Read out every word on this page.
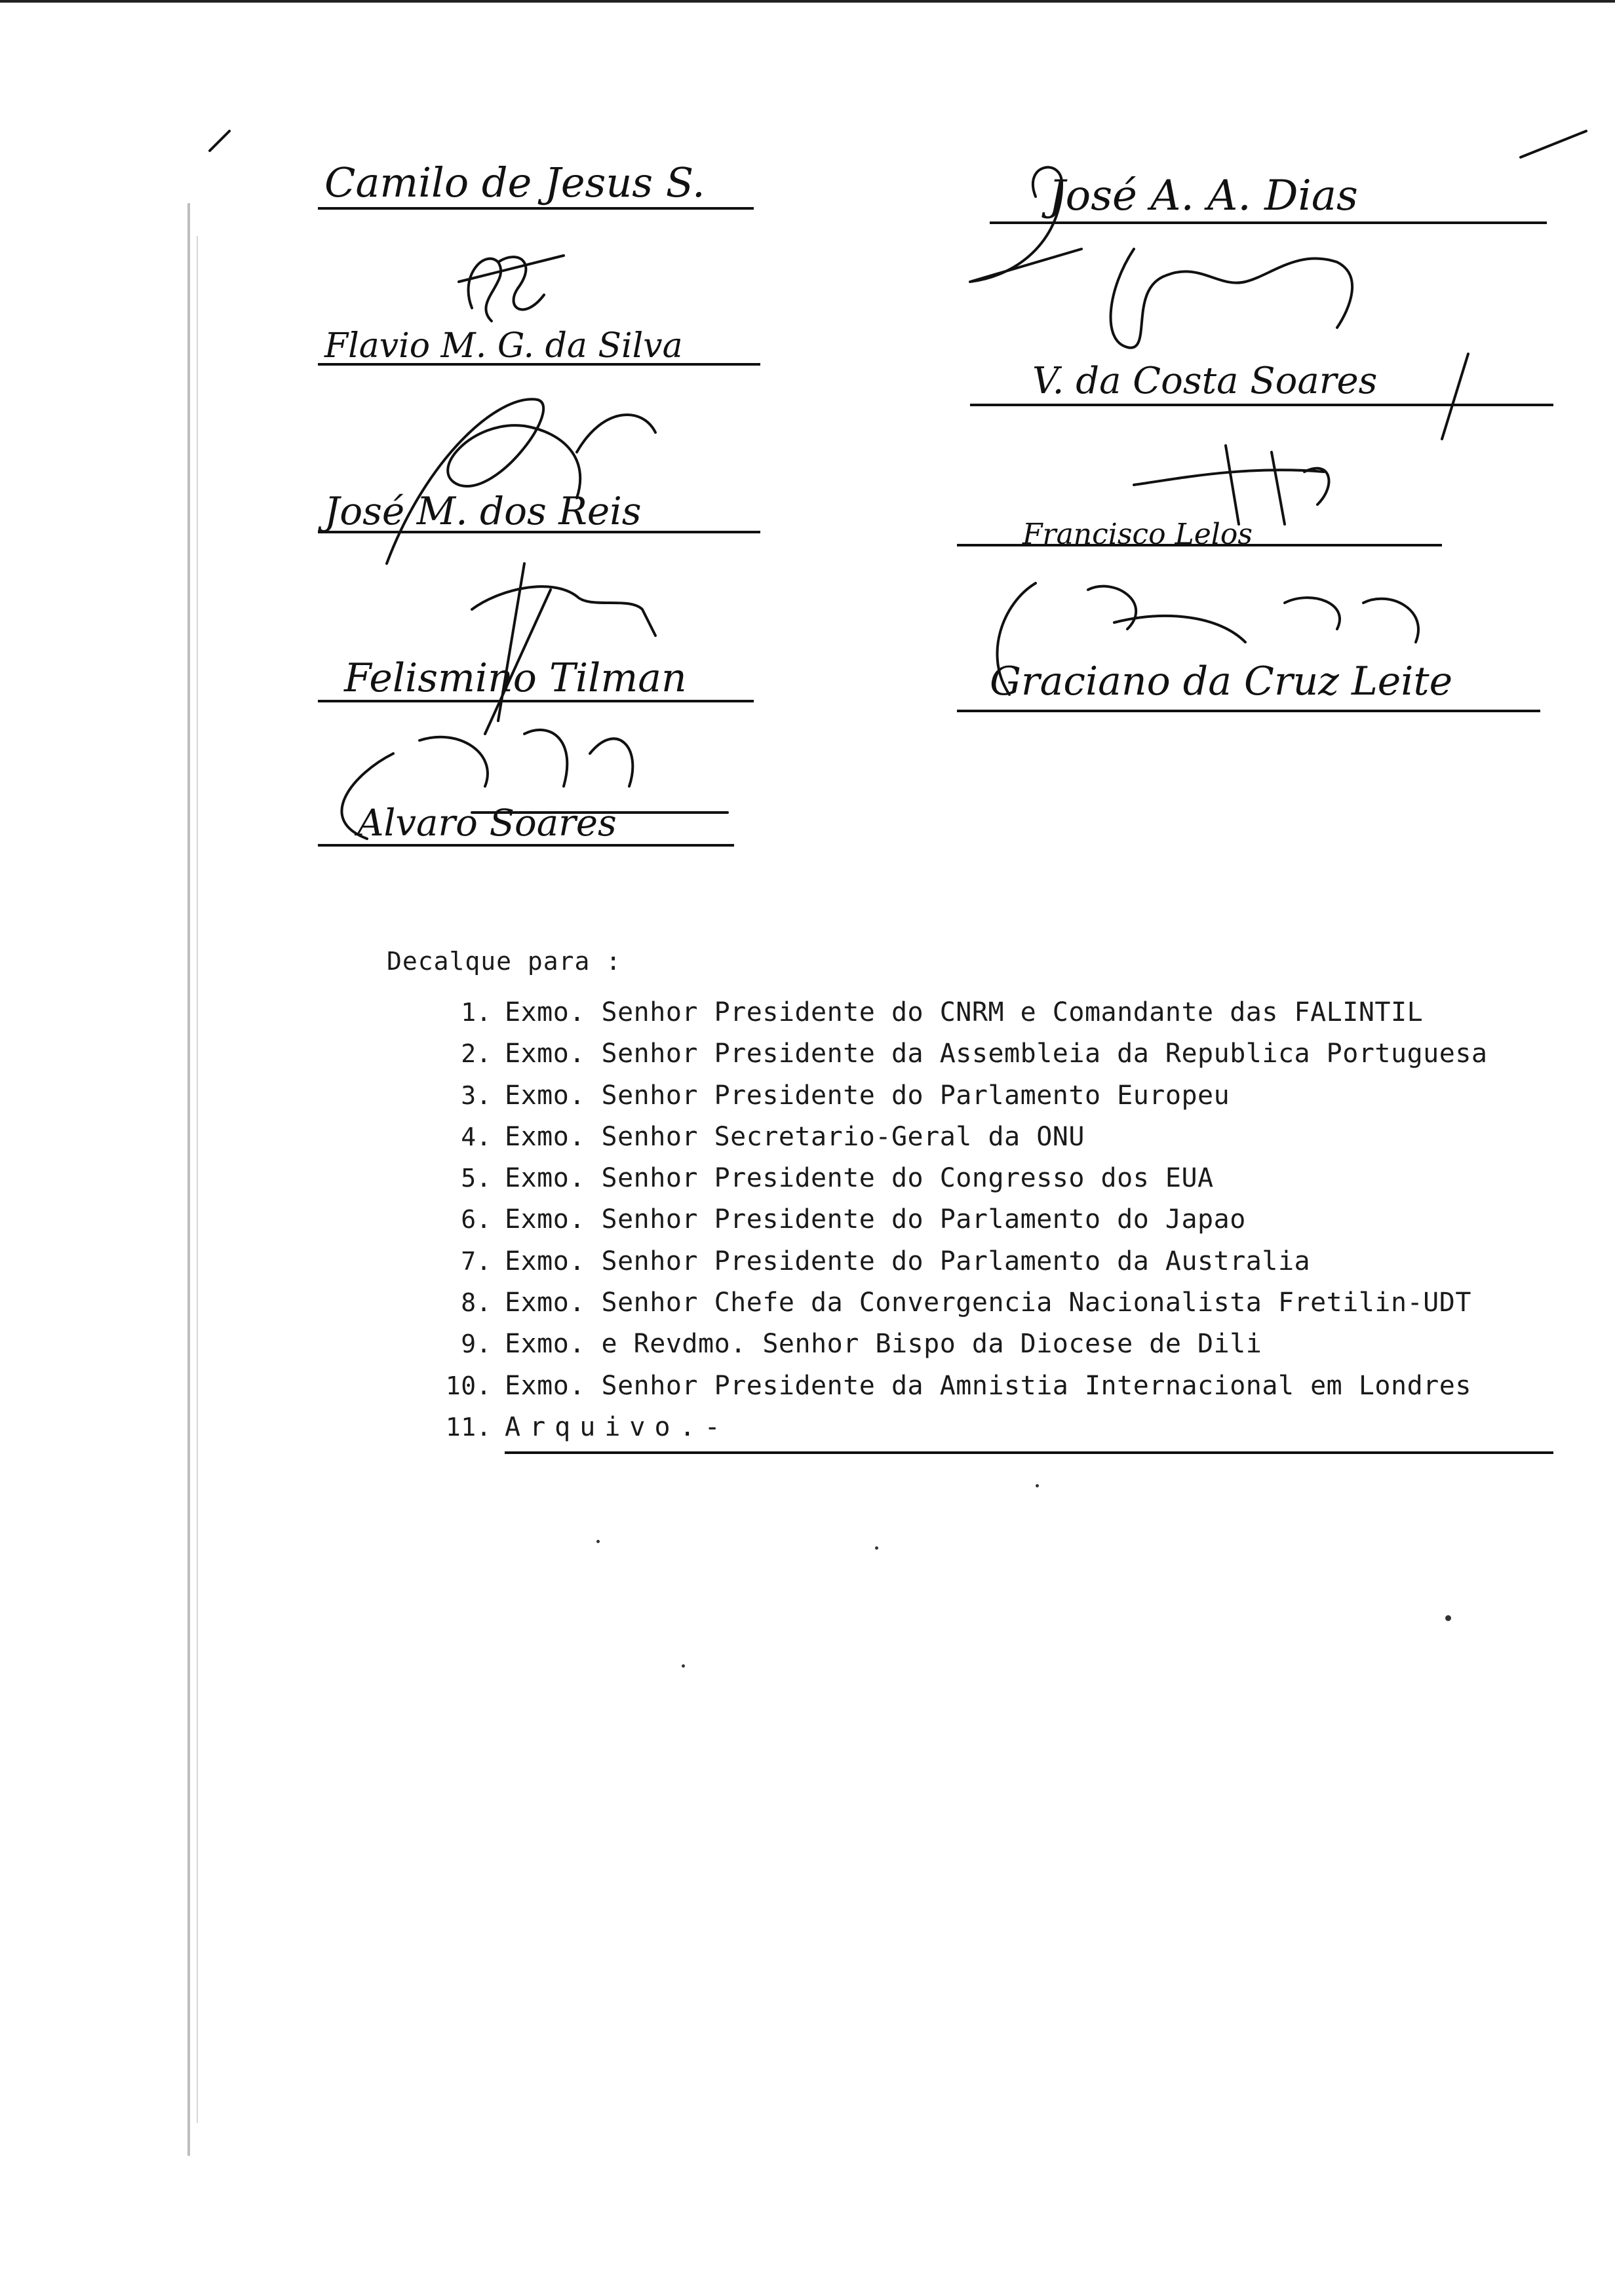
Camilo de Jesus S.
Flavio M. G. da Silva
José M. dos Reis
Felismino Tilman
Alvaro Soares
José A. A. Dias
V. da Costa Soares
Francisco Lelos
Graciano da Cruz Leite
Decalque para :
1. Exmo. Senhor Presidente do CNRM e Comandante das FALINTIL
2. Exmo. Senhor Presidente da Assembleia da Republica Portuguesa
3. Exmo. Senhor Presidente do Parlamento Europeu
4. Exmo. Senhor Secretario-Geral da ONU
5. Exmo. Senhor Presidente do Congresso dos EUA
6. Exmo. Senhor Presidente do Parlamento do Japao
7. Exmo. Senhor Presidente do Parlamento da Australia
8. Exmo. Senhor Chefe da Convergencia Nacionalista Fretilin-UDT
9. Exmo. e Revdmo. Senhor Bispo da Diocese de Dili
10. Exmo. Senhor Presidente da Amnistia Internacional em Londres
11. Arquivo.-
